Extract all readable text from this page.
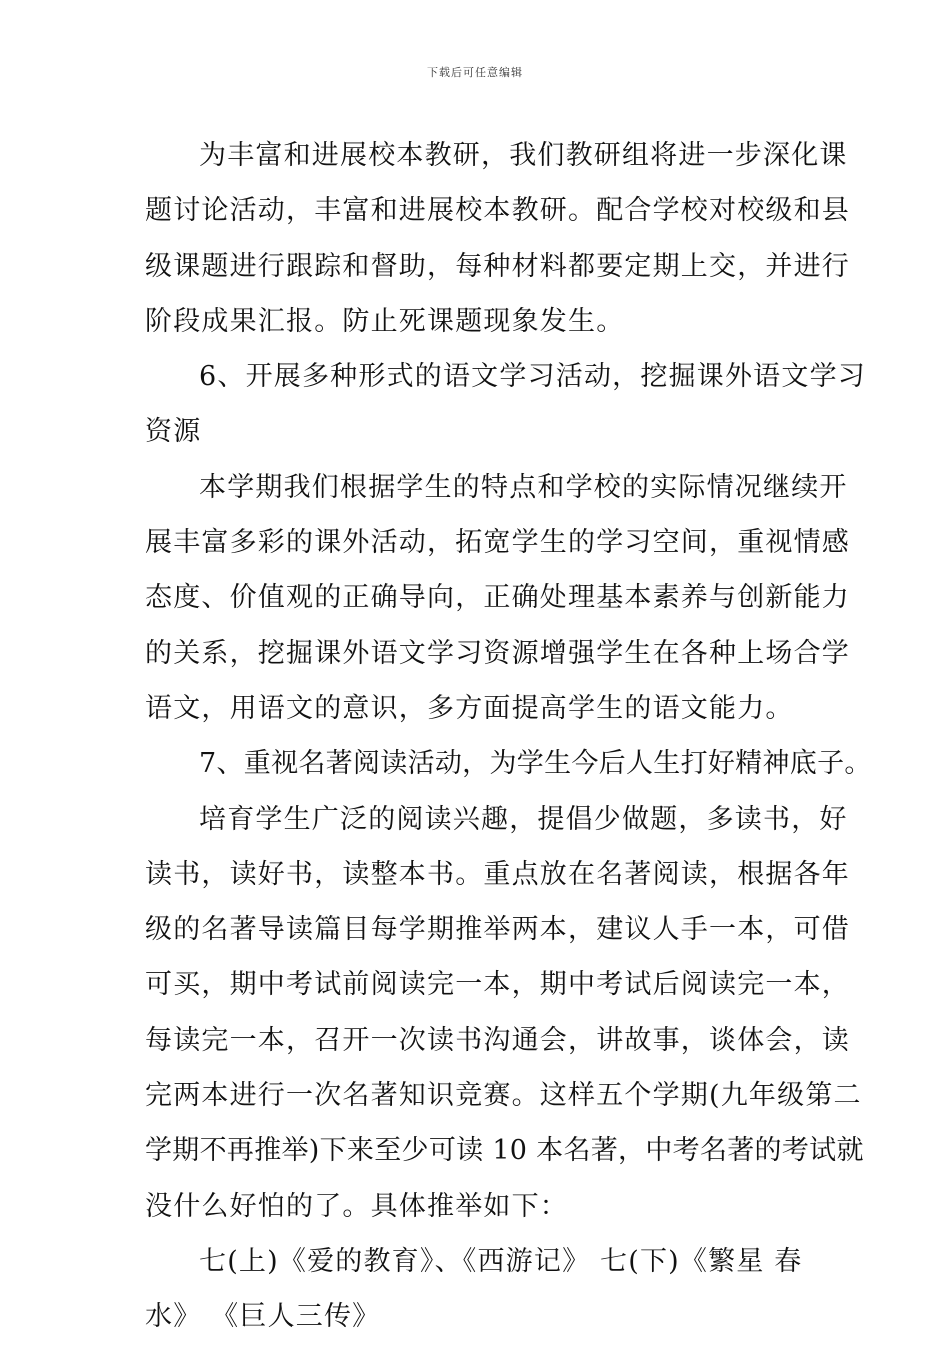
下载后可任意编辑
为丰富和进展校本教研，我们教研组将进一步深化课
题讨论活动，丰富和进展校本教研。配合学校对校级和县
级课题进行跟踪和督助，每种材料都要定期上交，并进行
阶段成果汇报。防止死课题现象发生。
6、开展多种形式的语文学习活动，挖掘课外语文学习
资源
本学期我们根据学生的特点和学校的实际情况继续开
展丰富多彩的课外活动，拓宽学生的学习空间，重视情感
态度、价值观的正确导向，正确处理基本素养与创新能力
的关系，挖掘课外语文学习资源增强学生在各种上场合学
语文，用语文的意识，多方面提高学生的语文能力。
7、重视名著阅读活动，为学生今后人生打好精神底子。
培育学生广泛的阅读兴趣，提倡少做题，多读书，好
读书，读好书，读整本书。重点放在名著阅读，根据各年
级的名著导读篇目每学期推举两本，建议人手一本，可借
可买，期中考试前阅读完一本，期中考试后阅读完一本，
每读完一本，召开一次读书沟通会，讲故事，谈体会，读
完两本进行一次名著知识竞赛。这样五个学期(九年级第二
学期不再推举)下来至少可读 10 本名著，中考名著的考试就
没什么好怕的了。具体推举如下：
七(上)《爱的教育》、《西游记》 七(下)《繁星 春
水》 《巨人三传》
